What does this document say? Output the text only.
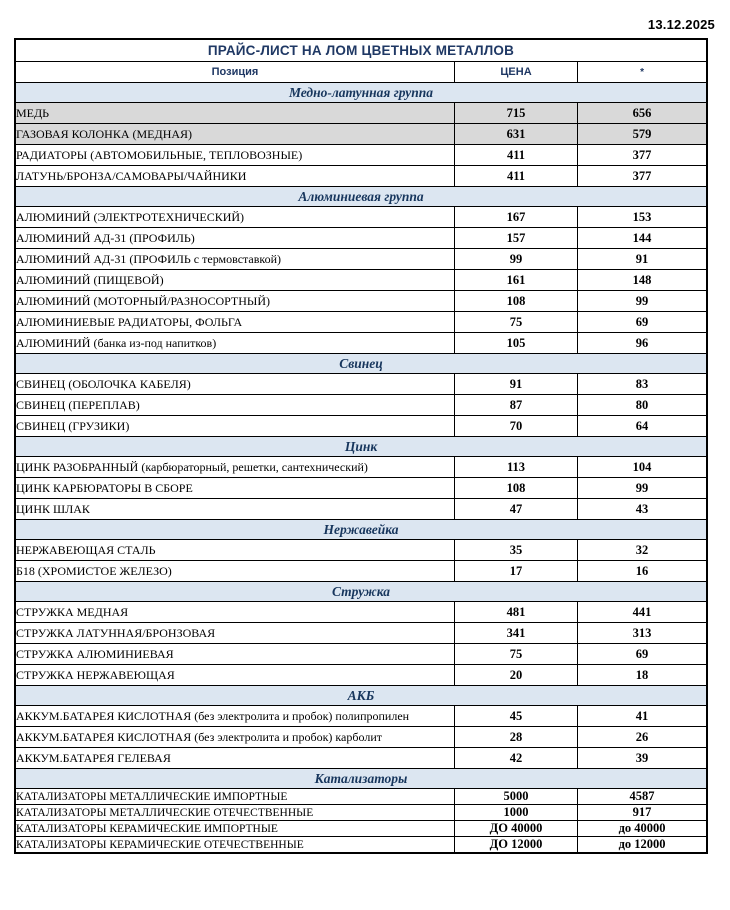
13.12.2025
ПРАЙС-ЛИСТ НА ЛОМ ЦВЕТНЫХ МЕТАЛЛОВ		
Позиция	ЦЕНА	*
Медно-латунная группа		
МЕДЬ	715	656
ГАЗОВАЯ КОЛОНКА (МЕДНАЯ)	631	579
РАДИАТОРЫ (АВТОМОБИЛЬНЫЕ, ТЕПЛОВОЗНЫЕ)	411	377
ЛАТУНЬ/БРОНЗА/САМОВАРЫ/ЧАЙНИКИ	411	377
Алюминиевая группа		
АЛЮМИНИЙ (ЭЛЕКТРОТЕХНИЧЕСКИЙ)	167	153
АЛЮМИНИЙ АД-31 (ПРОФИЛЬ)	157	144
АЛЮМИНИЙ АД-31 (ПРОФИЛЬ с термовставкой)	99	91
АЛЮМИНИЙ (ПИЩЕВОЙ)	161	148
АЛЮМИНИЙ (МОТОРНЫЙ/РАЗНОСОРТНЫЙ)	108	99
АЛЮМИНИЕВЫЕ РАДИАТОРЫ, ФОЛЬГА	75	69
АЛЮМИНИЙ (банка из-под напитков)	105	96
Свинец		
СВИНЕЦ (ОБОЛОЧКА КАБЕЛЯ)	91	83
СВИНЕЦ (ПЕРЕПЛАВ)	87	80
СВИНЕЦ (ГРУЗИКИ)	70	64
Цинк		
ЦИНК РАЗОБРАННЫЙ (карбюраторный, решетки, сантехнический)	113	104
ЦИНК КАРБЮРАТОРЫ В СБОРЕ	108	99
ЦИНК ШЛАК	47	43
Нержавейка		
НЕРЖАВЕЮЩАЯ СТАЛЬ	35	32
Б18 (ХРОМИСТОЕ ЖЕЛЕЗО)	17	16
Стружка		
СТРУЖКА МЕДНАЯ	481	441
СТРУЖКА ЛАТУННАЯ/БРОНЗОВАЯ	341	313
СТРУЖКА АЛЮМИНИЕВАЯ	75	69
СТРУЖКА НЕРЖАВЕЮЩАЯ	20	18
АКБ		
АККУМ.БАТАРЕЯ КИСЛОТНАЯ (без электролита и пробок) полипропилен	45	41
АККУМ.БАТАРЕЯ КИСЛОТНАЯ (без электролита и пробок) карболит	28	26
АККУМ.БАТАРЕЯ ГЕЛЕВАЯ	42	39
Катализаторы		
КАТАЛИЗАТОРЫ МЕТАЛЛИЧЕСКИЕ ИМПОРТНЫЕ	5000	4587
КАТАЛИЗАТОРЫ МЕТАЛЛИЧЕСКИЕ ОТЕЧЕСТВЕННЫЕ	1000	917
КАТАЛИЗАТОРЫ КЕРАМИЧЕСКИЕ ИМПОРТНЫЕ	ДО 40000	до 40000
КАТАЛИЗАТОРЫ КЕРАМИЧЕСКИЕ ОТЕЧЕСТВЕННЫЕ	ДО 12000	до 12000
